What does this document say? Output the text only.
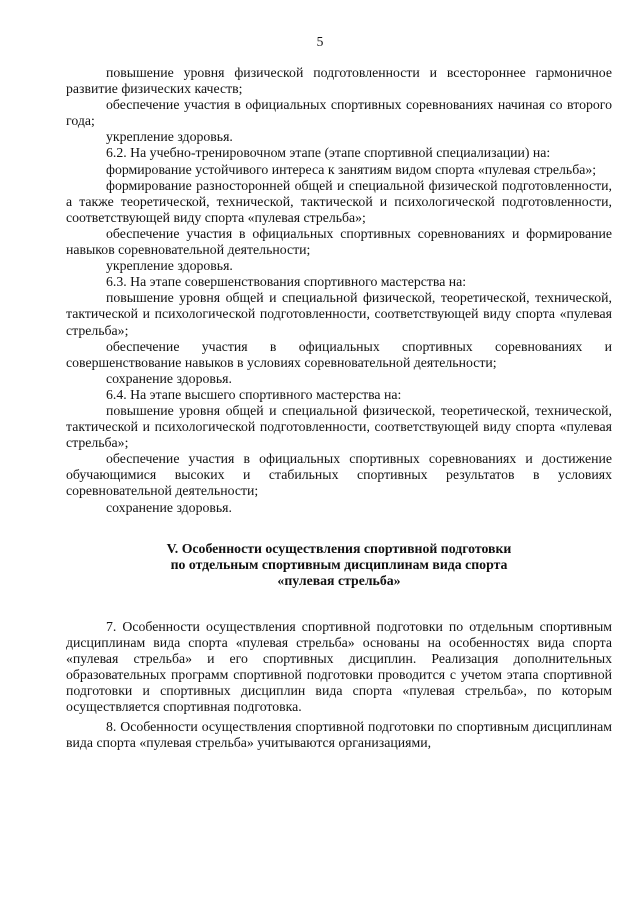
5

повышение уровня физической подготовленности и всестороннее гармоничное развитие физических качеств;

обеспечение участия в официальных спортивных соревнованиях начиная со второго года;

укрепление здоровья.

6.2. На учебно-тренировочном этапе (этапе спортивной специализации) на:

формирование устойчивого интереса к занятиям видом спорта «пулевая стрельба»;

формирование разносторонней общей и специальной физической подготовленности, а также теоретической, технической, тактической и психологической подготовленности, соответствующей виду спорта «пулевая стрельба»;

обеспечение участия в официальных спортивных соревнованиях и формирование навыков соревновательной деятельности;

укрепление здоровья.

6.3. На этапе совершенствования спортивного мастерства на:

повышение уровня общей и специальной физической, теоретической, технической, тактической и психологической подготовленности, соответствующей виду спорта «пулевая стрельба»;

обеспечение участия в официальных спортивных соревнованиях и совершенствование навыков в условиях соревновательной деятельности;

сохранение здоровья.

6.4. На этапе высшего спортивного мастерства на:

повышение уровня общей и специальной физической, теоретической, технической, тактической и психологической подготовленности, соответствующей виду спорта «пулевая стрельба»;

обеспечение участия в официальных спортивных соревнованиях и достижение обучающимися высоких и стабильных спортивных результатов в условиях соревновательной деятельности;

сохранение здоровья.

V. Особенности осуществления спортивной подготовки
по отдельным спортивным дисциплинам вида спорта
«пулевая стрельба»

7. Особенности осуществления спортивной подготовки по отдельным спортивным дисциплинам вида спорта «пулевая стрельба» основаны на особенностях вида спорта «пулевая стрельба» и его спортивных дисциплин. Реализация дополнительных образовательных программ спортивной подготовки проводится с учетом этапа спортивной подготовки и спортивных дисциплин вида спорта «пулевая стрельба», по которым осуществляется спортивная подготовка.

8. Особенности осуществления спортивной подготовки по спортивным дисциплинам вида спорта «пулевая стрельба» учитываются организациями,
